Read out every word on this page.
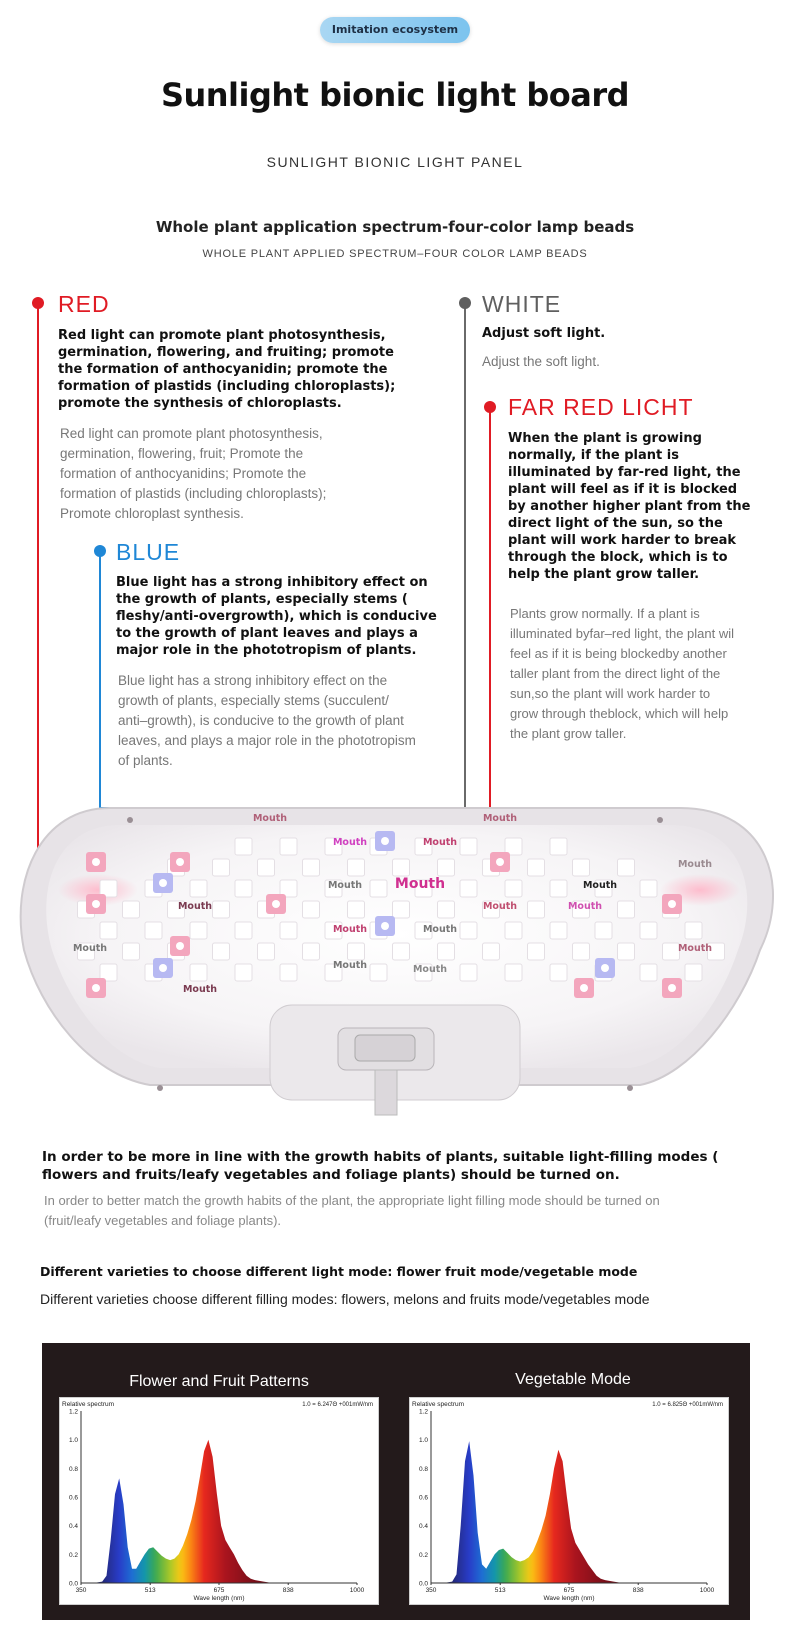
Imitation ecosystem
Sunlight bionic light board
SUNLIGHT BIONIC LIGHT PANEL
Whole plant application spectrum-four-color lamp beads
WHOLE PLANT APPLIED SPECTRUM–FOUR COLOR LAMP BEADS
RED
Red light can promote plant photosynthesis,
germination, flowering, and fruiting; promote
the formation of anthocyanidin; promote the
formation of plastids (including chloroplasts);
promote the synthesis of chloroplasts.
Red light can promote plant photosynthesis,
germination, flowering, fruit; Promote the
formation of anthocyanidins; Promote the
formation of plastids (including chloroplasts);
Promote chloroplast synthesis.
BLUE
Blue light has a strong inhibitory effect on
the growth of plants, especially stems (
fleshy/anti-overgrowth), which is conducive
to the growth of plant leaves and plays a
major role in the phototropism of plants.
Blue light has a strong inhibitory effect on the
growth of plants, especially stems (succulent/
anti–growth), is conducive to the growth of plant
leaves, and plays a major role in the phototropism
of plants.
WHITE
Adjust soft light.
Adjust the soft light.
FAR RED LICHT
When the plant is growing
normally, if the plant is
illuminated by far-red light, the
plant will feel as if it is blocked
by another higher plant from the
direct light of the sun, so the
plant will work harder to break
through the block, which is to
help the plant grow taller.
Plants grow normally. If a plant is
illuminated byfar–red light, the plant wil
feel as if it is being blockedby another
taller plant from the direct light of the
sun,so the plant will work harder to
grow through theblock, which will help
the plant grow taller.
Mouth
Mouth	Mouth
Mouth
Mouth
Mouth Mouth	Mouth
Mouth	Mouth	Mouth
Mouth	Mouth
Mouth	Mouth
Mouth	Mouth
Mouth
In order to be more in line with the growth habits of plants, suitable light-filling modes (
flowers and fruits/leafy vegetables and foliage plants) should be turned on.
In order to better match the growth habits of the plant, the appropriate light filling mode should be turned on
(fruit/leafy vegetables and foliage plants).
Different varieties to choose different light mode: flower fruit mode/vegetable mode
Different varieties choose different filling modes: flowers, melons and fruits mode/vegetables mode
Flower and Fruit Patterns	Vegetable Mode
0.0
0.2
0.4
0.6
0.8
1.0
1.2
350	513	675	838	1000
Relative spectrum	1.0 = 6.247Θ +001mW/nm
Wave length (nm)
0.0
0.2
0.4
0.6
0.8
1.0
1.2
350	513	675	838	1000
Relative spectrum	1.0 = 6.825Θ +001mW/nm
Wave length (nm)
